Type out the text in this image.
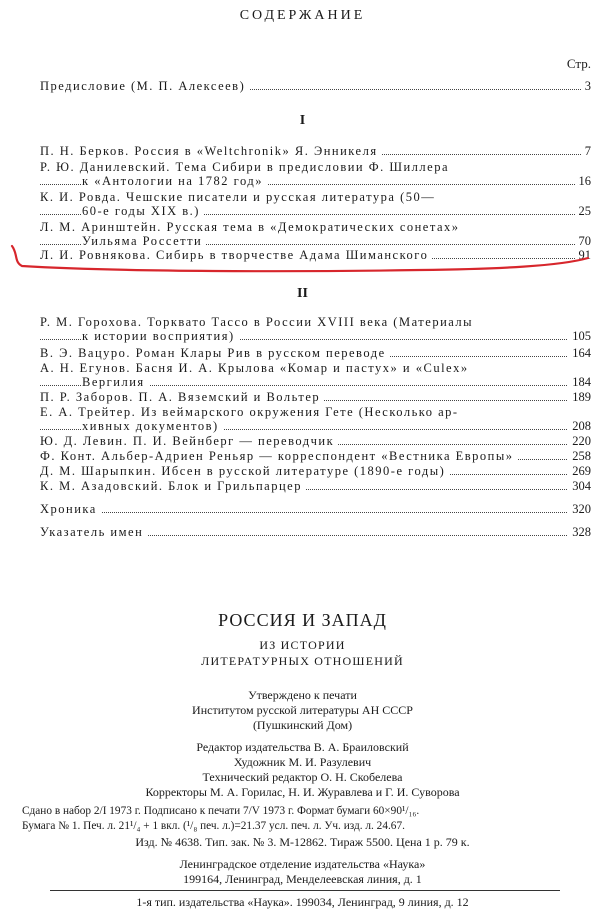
СОДЕРЖАНИЕ
Стр.
Предисловие (М. П. Алексеев)	3
I
П. Н. Берков. Россия в «Weltchronik» Я. Энникеля	7
Р. Ю. Данилевский. Тема Сибири в предисловии Ф. Шиллера
к «Антологии на 1782 год»	16
К. И. Ровда. Чешские писатели и русская литература (50—
60-е годы XIX в.)	25
Л. М. Аринштейн. Русская тема в «Демократических сонетах»
Уильяма Россетти	70
Л. И. Ровнякова. Сибирь в творчестве Адама Шиманского	91
II
Р. М. Горохова. Торквато Тассо в России XVIII века (Материалы
к истории восприятия)	105
В. Э. Вацуро. Роман Клары Рив в русском переводе	164
А. Н. Егунов. Басня И. А. Крылова «Комар и пастух» и «Culex»
Вергилия	184
П. Р. Заборов. П. А. Вяземский и Вольтер	189
Е. А. Трейтер. Из веймарского окружения Гете (Несколько ар-
хивных документов)	208
Ю. Д. Левин. П. И. Вейнберг — переводчик	220
Ф. Конт. Альбер-Адриен Реньяр — корреспондент «Вестника Европы»	258
Д. М. Шарыпкин. Ибсен в русской литературе (1890-е годы)	269
К. М. Азадовский. Блок и Грильпарцер	304
Хроника	320
Указатель имен	328
РОССИЯ И ЗАПАД
ИЗ ИСТОРИИ
ЛИТЕРАТУРНЫХ ОТНОШЕНИЙ
Утверждено к печати
Институтом русской литературы АН СССР
(Пушкинский Дом)
Редактор издательства В. А. Браиловский
Художник М. И. Разулевич
Технический редактор О. Н. Скобелева
Корректоры М. А. Горилас, Н. И. Журавлева и Г. И. Суворова
Сдано в набор 2/I 1973 г. Подписано к печати 7/V 1973 г. Формат бумаги 60×90¹/₁₆.
Бумага № 1. Печ. л. 21¹/₄ + 1 вкл. (¹/₈ печ. л.)=21.37 усл. печ. л. Уч. изд. л. 24.67.
Изд. № 4638. Тип. зак. № 3. М-12862. Тираж 5500. Цена 1 р. 79 к.
Ленинградское отделение издательства «Наука»
199164, Ленинград, Менделеевская линия, д. 1
1-я тип. издательства «Наука». 199034, Ленинград, 9 линия, д. 12
